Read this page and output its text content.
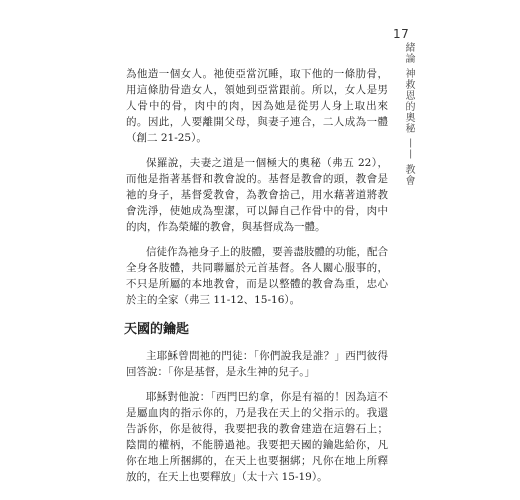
17
緒論 神救恩的奧秘
——
教會

為他造一個女人。祂使亞當沉睡，取下他的一條肋骨，用這條肋骨造女人，領她到亞當跟前。所以，女人是男人骨中的骨，肉中的肉，因為她是從男人身上取出來的。因此，人要離開父母，與妻子連合，二人成為一體（創二 21-25）。

保羅說，夫妻之道是一個極大的奧秘（弗五 22），而他是指著基督和教會說的。基督是教會的頭，教會是祂的身子，基督愛教會，為教會捨己，用水藉著道將教會洗淨，使她成為聖潔，可以歸自己作骨中的骨，肉中的肉，作為榮耀的教會，與基督成為一體。

信徒作為祂身子上的肢體，要善盡肢體的功能，配合全身各肢體，共同聯屬於元首基督。各人關心服事的，不只是所屬的本地教會，而是以整體的教會為重，忠心於主的全家（弗三 11-12、15-16）。

天國的鑰匙

主耶穌曾問祂的門徒：「你們說我是誰？」西門彼得回答說：「你是基督，是永生神的兒子。」

耶穌對他說：「西門巴約拿，你是有福的！因為這不是屬血肉的指示你的，乃是我在天上的父指示的。我還告訴你，你是彼得，我要把我的教會建造在這磐石上；陰間的權柄，不能勝過祂。我要把天國的鑰匙給你，凡你在地上所捆綁的，在天上也要捆綁；凡你在地上所釋放的，在天上也要釋放」（太十六 15-19）。
